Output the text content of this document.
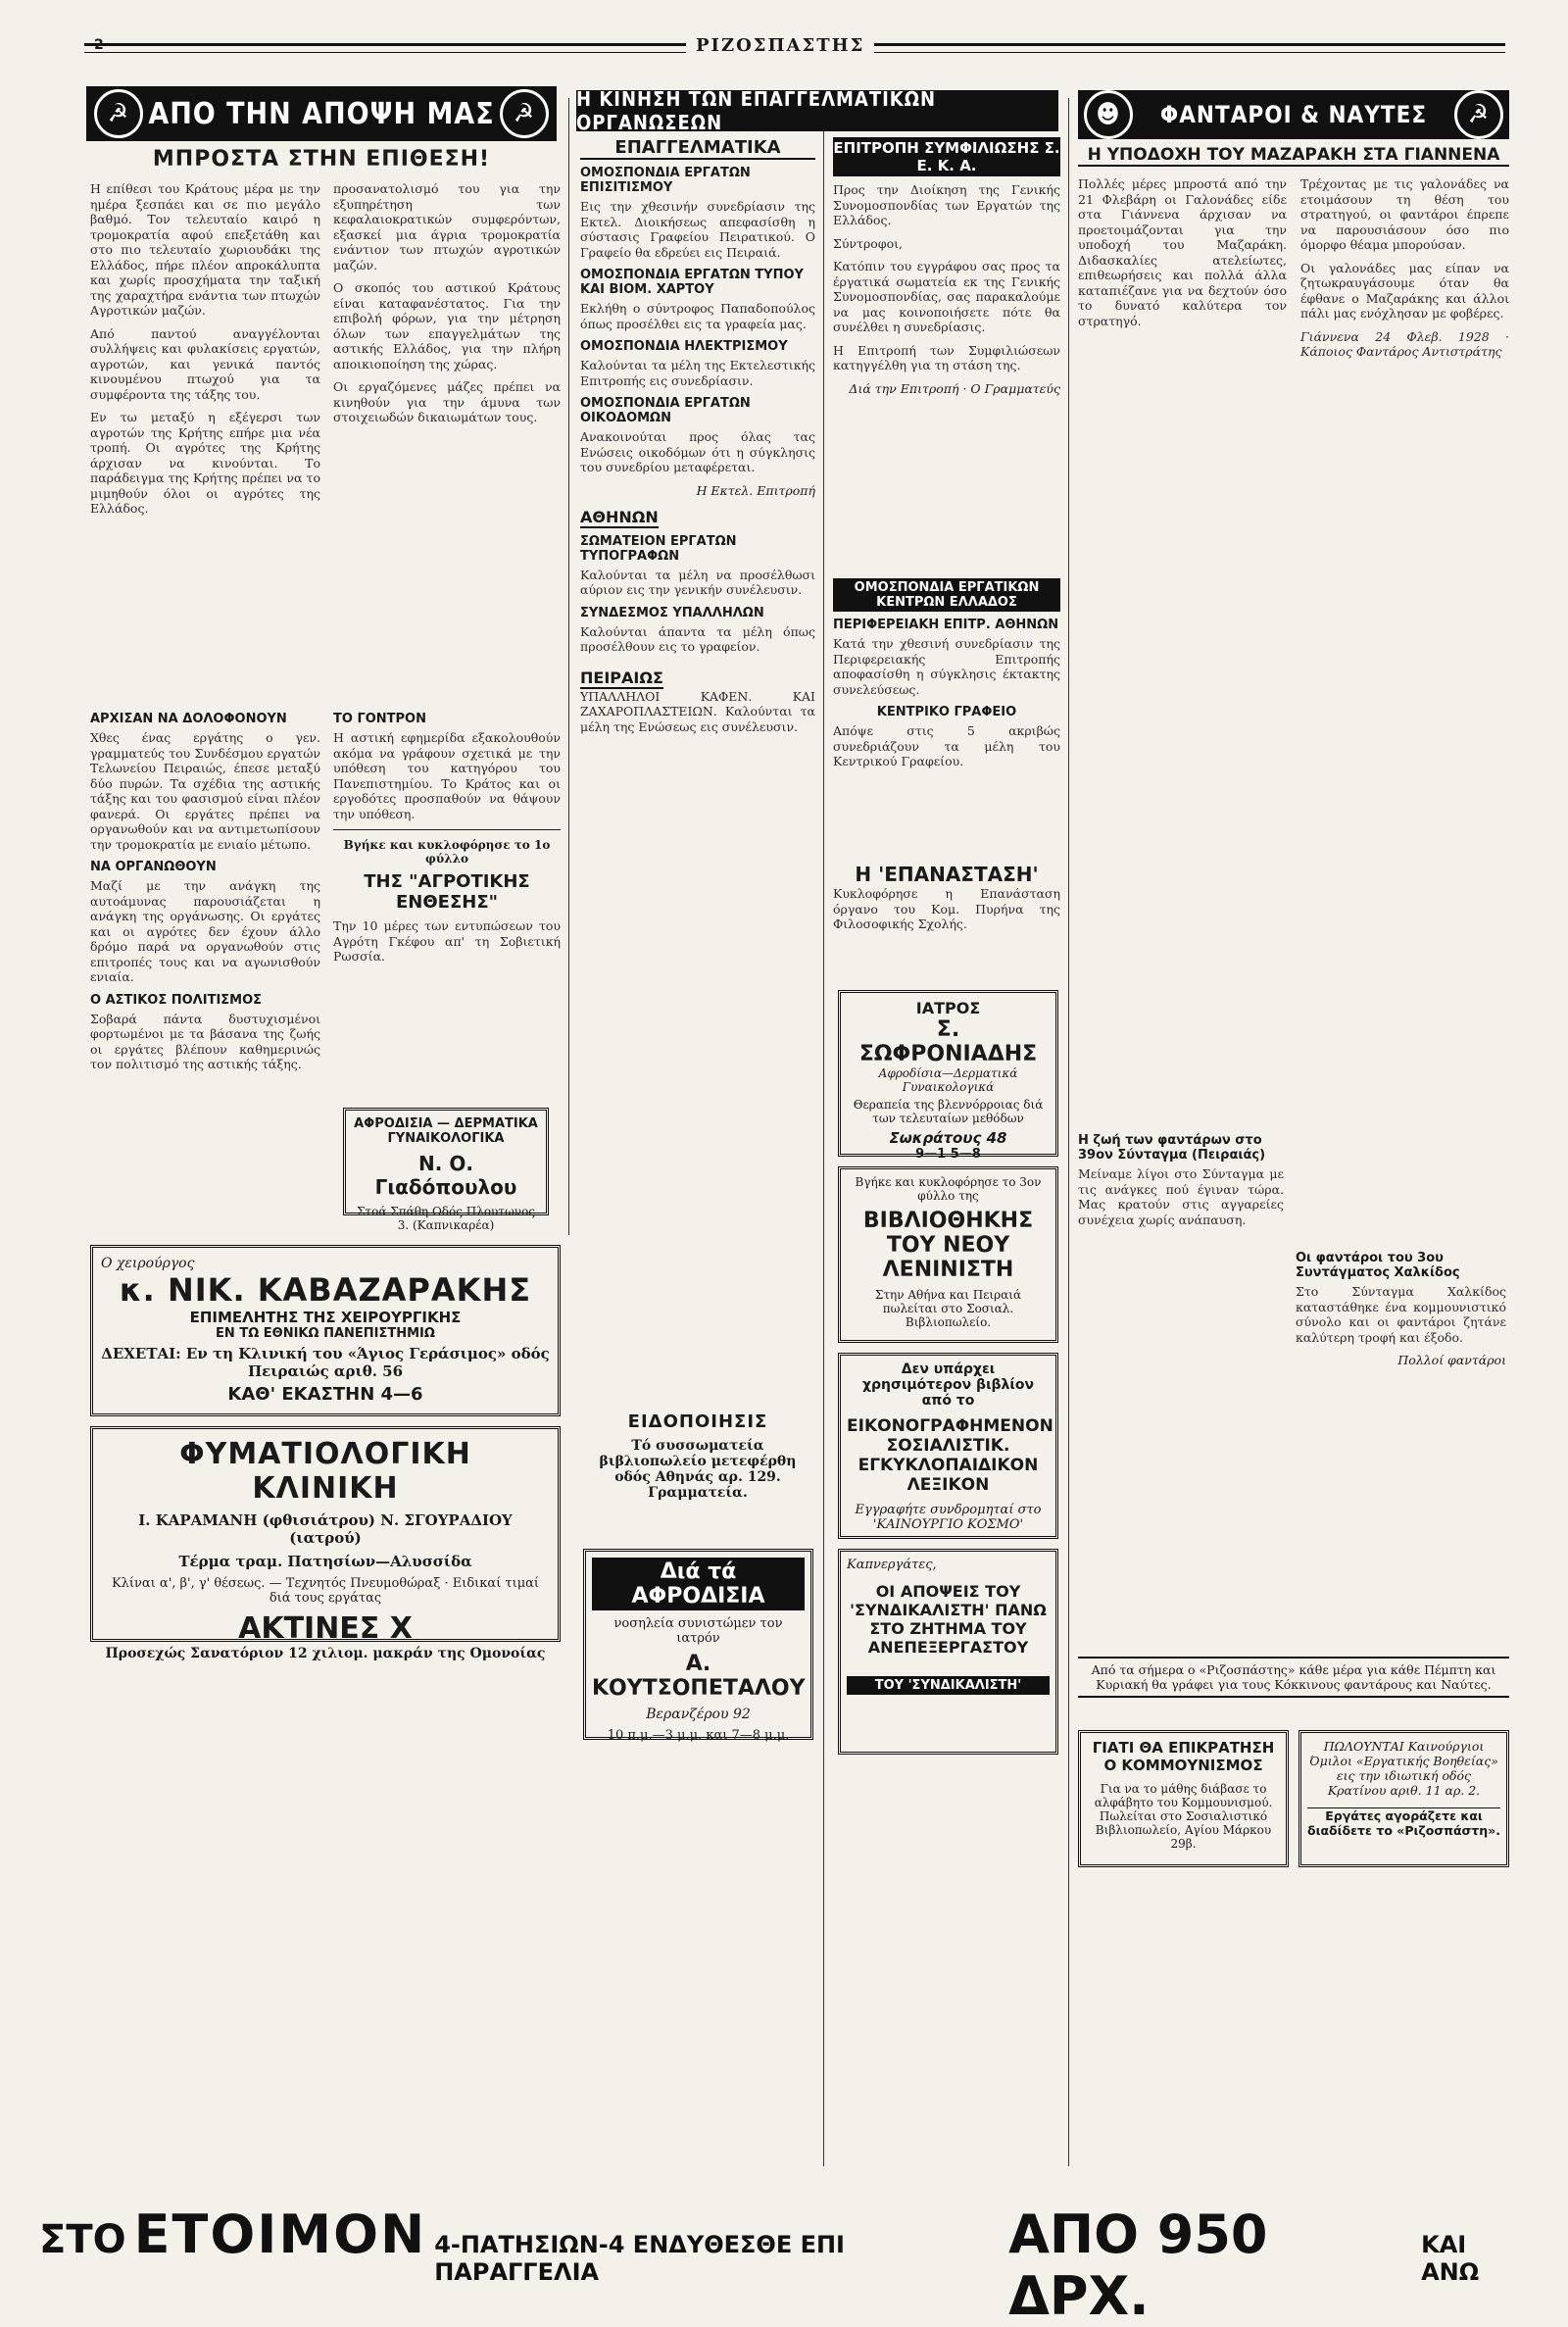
2	ΡΙΖΟΣΠΑΣΤΗΣ
☭ ΑΠΟ ΤΗΝ ΑΠΟΨΗ ΜΑΣ ☭
ΜΠΡΟΣΤΑ ΣΤΗΝ ΕΠΙΘΕΣΗ!

Η επίθεσι του Κράτους μέρα με την ημέρα ξεσπάει και σε πιο μεγάλο βαθμό. Τον τελευταίο καιρό η τρομοκρατία αφού επεξετάθη και στο πιο τελευταίο χωριουδάκι της Ελλάδος, πήρε πλέον απροκάλυπτα και χωρίς προσχήματα την ταξική της χαραχτήρα ενάντια των πτωχών Αγροτικών μαζών.

Από παντού αναγγέλονται συλλήψεις και φυλακίσεις εργατών, αγροτών, και γενικά παντός κινουμένου πτωχού για τα συμφέροντα της τάξης του.

Εν τω μεταξύ η εξέγερσι των αγροτών της Κρήτης επήρε μια νέα τροπή. Οι αγρότες της Κρήτης άρχισαν να κινούνται. Το παράδειγμα της Κρήτης πρέπει να το μιμηθούν όλοι οι αγρότες της Ελλάδος.

ΑΡΧΙΣΑΝ ΝΑ ΔΟΛΟΦΟΝΟΥΝ

Χθες ένας εργάτης ο γεν. γραμματεύς του Συνδέσμου εργατών Τελωνείου Πειραιώς, έπεσε μεταξύ δύο πυρών. Τα σχέδια της αστικής τάξης και του φασισμού είναι πλέον φανερά. Οι εργάτες πρέπει να οργανωθούν και να αντιμετωπίσουν την τρομοκρατία με ενιαίο μέτωπο.

ΝΑ ΟΡΓΑΝΩΘΟΥΝ

Μαζί με την ανάγκη της αυτοάμυνας παρουσιάζεται η ανάγκη της οργάνωσης. Οι εργάτες και οι αγρότες δεν έχουν άλλο δρόμο παρά να οργανωθούν στις επιτροπές τους και να αγωνισθούν ενιαία.

Ο ΑΣΤΙΚΟΣ ΠΟΛΙΤΙΣΜΟΣ

Σοβαρά πάντα δυστυχισμένοι φορτωμένοι με τα βάσανα της ζωής οι εργάτες βλέπουν καθημερινώς τον πολιτισμό της αστικής τάξης.

προσανατολισμό του για την εξυπηρέτηση των κεφαλαιοκρατικών συμφερόντων, εξασκεί μια άγρια τρομοκρατία ενάντιον των πτωχών αγροτικών μαζών.

Ο σκοπός του αστικού Κράτους είναι καταφανέστατος. Για την επιβολή φόρων, για την μέτρηση όλων των επαγγελμάτων της αστικής Ελλάδος, για την πλήρη αποικιοποίηση της χώρας.

Οι εργαζόμενες μάζες πρέπει να κινηθούν για την άμυνα των στοιχειωδών δικαιωμάτων τους.

ΤΟ ΓΟΝΤΡΟΝ

Η αστική εφημερίδα εξακολουθούν ακόμα να γράφουν σχετικά με την υπόθεση του κατηγόρου του Πανεπιστημίου. Το Κράτος και οι εργοδότες προσπαθούν να θάψουν την υπόθεση.

Βγήκε και κυκλοφόρησε το 1ο φύλλο
ΤΗΣ "ΑΓΡΟΤΙΚΗΣ ΕΝΘΕΣΗΣ"

Την 10 μέρες των εντυπώσεων του Αγρότη Γκέφου απ' τη Σοβιετική Ρωσσία.

ΑΦΡΟΔΙΣΙΑ — ΔΕΡΜΑΤΙΚΑ ΓΥΝΑΙΚΟΛΟΓΙΚΑ
Ν. Ο. Γιαδόπουλου
Στοά Σπάθη Οδός Πλουτωνος 3. (Καπνικαρέα)
Ο χειρούργος
κ. ΝΙΚ. ΚΑΒΑΖΑΡΑΚΗΣ
ΕΠΙΜΕΛΗΤΗΣ ΤΗΣ ΧΕΙΡΟΥΡΓΙΚΗΣ
ΕΝ ΤΩ ΕΘΝΙΚΩ ΠΑΝΕΠΙΣΤΗΜΙΩ
ΔΕΧΕΤΑΙ: Εν τη Κλινική του «Άγιος Γεράσιμος» οδός Πειραιώς αριθ. 56
ΚΑΘ' ΕΚΑΣΤΗΝ 4—6
ΦΥΜΑΤΙΟΛΟΓΙΚΗ ΚΛΙΝΙΚΗ
Ι. ΚΑΡΑΜΑΝΗ (φθισιάτρου) Ν. ΣΓΟΥΡΑΔΙΟΥ (ιατρού)
Τέρμα τραμ. Πατησίων—Αλυσσίδα
Κλίναι α', β', γ' θέσεως. — Τεχνητός Πνευμοθώραξ · Ειδικαί τιμαί διά τους εργάτας
ΑΚΤΙΝΕΣ Χ
Προσεχώς Σανατόριον 12 χιλιομ. μακράν της Ομονοίας
Η ΚΙΝΗΣΗ ΤΩΝ ΕΠΑΓΓΕΛΜΑΤΙΚΩΝ ΟΡΓΑΝΩΣΕΩΝ
ΕΠΑΓΓΕΛΜΑΤΙΚΑ
ΟΜΟΣΠΟΝΔΙΑ ΕΡΓΑΤΩΝ ΕΠΙΣΙΤΙΣΜΟΥ

Εις την χθεσινήν συνεδρίασιν της Εκτελ. Διοικήσεως απεφασίσθη η σύστασις Γραφείου Πειρατικού. Ο Γραφείο θα εδρεύει εις Πειραιά.

ΟΜΟΣΠΟΝΔΙΑ ΕΡΓΑΤΩΝ ΤΥΠΟΥ ΚΑΙ ΒΙΟΜ. ΧΑΡΤΟΥ

Εκλήθη ο σύντροφος Παπαδοπούλος όπως προσέλθει εις τα γραφεία μας.

ΟΜΟΣΠΟΝΔΙΑ ΗΛΕΚΤΡΙΣΜΟΥ

Καλούνται τα μέλη της Εκτελεστικής Επιτροπής εις συνεδρίασιν.

ΟΜΟΣΠΟΝΔΙΑ ΕΡΓΑΤΩΝ ΟΙΚΟΔΟΜΩΝ

Ανακοινούται προς όλας τας Ενώσεις οικοδόμων ότι η σύγκλησις του συνεδρίου μεταφέρεται.

Η Εκτελ. Επιτροπή
ΑΘΗΝΩΝ
ΣΩΜΑΤΕΙΟΝ ΕΡΓΑΤΩΝ ΤΥΠΟΓΡΑΦΩΝ

Καλούνται τα μέλη να προσέλθωσι αύριον εις την γενικήν συνέλευσιν.

ΣΥΝΔΕΣΜΟΣ ΥΠΑΛΛΗΛΩΝ

Καλούνται άπαντα τα μέλη όπως προσέλθουν εις το γραφείον.

ΠΕΙΡΑΙΩΣ

ΥΠΑΛΛΗΛΟΙ ΚΑΦΕΝ. ΚΑΙ ΖΑΧΑΡΟΠΛΑΣΤΕΙΩΝ. Καλούνται τα μέλη της Ενώσεως εις συνέλευσιν.

ΕΙΔΟΠΟΙΗΣΙΣ
Τό συσσωματεία βιβλιοπωλείο μετεφέρθη οδός Αθηνάς αρ. 129. Γραμματεία.
Διά τά ΑΦΡΟΔΙΣΙΑ
νοσηλεία συνιστώμεν τον ιατρόν
Α. ΚΟΥΤΣΟΠΕΤΑΛΟΥ
Βερανζέρου 92
10 π.μ.—3 μ.μ. και 7—8 μ.μ.
ΕΠΙΤΡΟΠΗ ΣΥΜΦΙΛΙΩΣΗΣ Σ. Ε. Κ. Α.

Προς την Διοίκηση της Γενικής Συνομοσπονδίας των Εργατών της Ελλάδος.

Σύντροφοι,

Κατόπιν του εγγράφου σας προς τα έργατικά σωματεία εκ της Γενικής Συνομοσπονδίας, σας παρακαλούμε να μας κοινοποιήσετε πότε θα συνέλθει η συνεδρίασις.

Η Επιτροπή των Συμφιλιώσεων κατηγγέλθη για τη στάση της.

Διά την Επιτροπή · Ο Γραμματεύς
ΟΜΟΣΠΟΝΔΙΑ ΕΡΓΑΤΙΚΩΝ ΚΕΝΤΡΩΝ ΕΛΛΑΔΟΣ
ΠΕΡΙΦΕΡΕΙΑΚΗ ΕΠΙΤΡ. ΑΘΗΝΩΝ

Κατά την χθεσινή συνεδρίασιν της Περιφερειακής Επιτροπής αποφασίσθη η σύγκλησις έκτακτης συνελεύσεως.

ΚΕΝΤΡΙΚΟ ΓΡΑΦΕΙΟ

Απόψε στις 5 ακριβώς συνεδριάζουν τα μέλη του Κεντρικού Γραφείου.

Η 'ΕΠΑΝΑΣΤΑΣΗ'

Κυκλοφόρησε η Επανάσταση όργανο του Κομ. Πυρήνα της Φιλοσοφικής Σχολής.

ΙΑΤΡΟΣ
Σ. ΣΩΦΡΟΝΙΑΔΗΣ
Αφροδίσια—Δερματικά Γυναικολογικά
Θεραπεία της βλεννόρροιας διά των τελευταίων μεθόδων
Σωκράτους 48
9—1 5—8
Βγήκε και κυκλοφόρησε το 3ον φύλλο της
ΒΙΒΛΙΟΘΗΚΗΣ ΤΟΥ ΝΕΟΥ ΛΕΝΙΝΙΣΤΗ
Στην Αθήνα και Πειραιά πωλείται στο Σοσιαλ. Βιβλιοπωλείο.
Δεν υπάρχει χρησιμότερον βιβλίον από το
ΕΙΚΟΝΟΓΡΑΦΗΜΕΝΟΝ ΣΟΣΙΑΛΙΣΤΙΚ. ΕΓΚΥΚΛΟΠΑΙΔΙΚΟΝ ΛΕΞΙΚΟΝ
Εγγραφήτε συνδρομηταί στο 'ΚΑΙΝΟΥΡΓΙΟ ΚΟΣΜΟ'
Καπνεργάτες,
ΟΙ ΑΠΟΨΕΙΣ ΤΟΥ 'ΣΥΝΔΙΚΑΛΙΣΤΗ' ΠΑΝΩ ΣΤΟ ΖΗΤΗΜΑ ΤΟΥ ΑΝΕΠΕΞΕΡΓΑΣΤΟΥ
ΤΟΥ 'ΣΥΝΔΙΚΑΛΙΣΤΗ'
☻	ΦΑΝΤΑΡΟΙ & ΝΑΥΤΕΣ	☭
Η ΥΠΟΔΟΧΗ ΤΟΥ ΜΑΖΑΡΑΚΗ ΣΤΑ ΓΙΑΝΝΕΝΑ

Πολλές μέρες μπροστά από την 21 Φλεβάρη οι Γαλονάδες είδε στα Γιάννενα άρχισαν να προετοιμάζονται για την υποδοχή του Μαζαράκη. Διδασκαλίες ατελείωτες, επιθεωρήσεις και πολλά άλλα καταπιέζανε για να δεχτούν όσο το δυνατό καλύτερα τον στρατηγό.

Τρέχοντας με τις γαλονάδες να ετοιμάσουν τη θέση του στρατηγού, οι φαντάροι έπρεπε να παρουσιάσουν όσο πιο όμορφο θέαμα μπορούσαν.

Οι γαλονάδες μας είπαν να ζητωκραυγάσουμε όταν θα έφθανε ο Μαζαράκης και άλλοι πάλι μας ενόχλησαν με φοβέρες.

Γιάννενα 24 Φλεβ. 1928 · Κάποιος Φαντάρος Αντιστράτης

Η ζωή των φαντάρων στο 39ον Σύνταγμα (Πειραιάς)

Μείναμε λίγοι στο Σύνταγμα με τις ανάγκες πού έγιναν τώρα. Μας κρατούν στις αγγαρείες συνέχεια χωρίς ανάπαυση.

Οι φαντάροι του 3ου Συντάγματος Χαλκίδος

Στο Σύνταγμα Χαλκίδος καταστάθηκε ένα κομμουνιστικό σύνολο και οι φαντάροι ζητάνε καλύτερη τροφή και έξοδο.

Πολλοί φαντάροι
Από τα σήμερα ο «Ριζοσπάστης» κάθε μέρα για κάθε Πέμπτη και Κυριακή θα γράφει για τους Κόκκινους φαντάρους και Ναύτες.
ΓΙΑΤΙ ΘΑ ΕΠΙΚΡΑΤΗΣΗ Ο ΚΟΜΜΟΥΝΙΣΜΟΣ
Για να το μάθης διάβασε το αλφάβητο του Κομμουνισμού. Πωλείται στο Σοσιαλιστικό Βιβλιοπωλείο, Αγίου Μάρκου 29β.
ΠΩΛΟΥΝΤΑΙ Καινούργιοι Όμιλοι «Εργατικής Βοηθείας» εις την ιδιωτική οδός Κρατίνου αριθ. 11 αρ. 2.
Εργάτες αγοράζετε και διαδίδετε το «Ριζοσπάστη».
ΣΤΟ ΕΤΟΙΜΟΝ 4-ΠΑΤΗΣΙΩΝ-4 ΕΝΔΥΘΕΣΘΕ ΕΠΙ ΠΑΡΑΓΓΕΛΙΑ
ΑΠΟ 950 ΔΡΧ.
ΚΑΙ ΑΝΩ
